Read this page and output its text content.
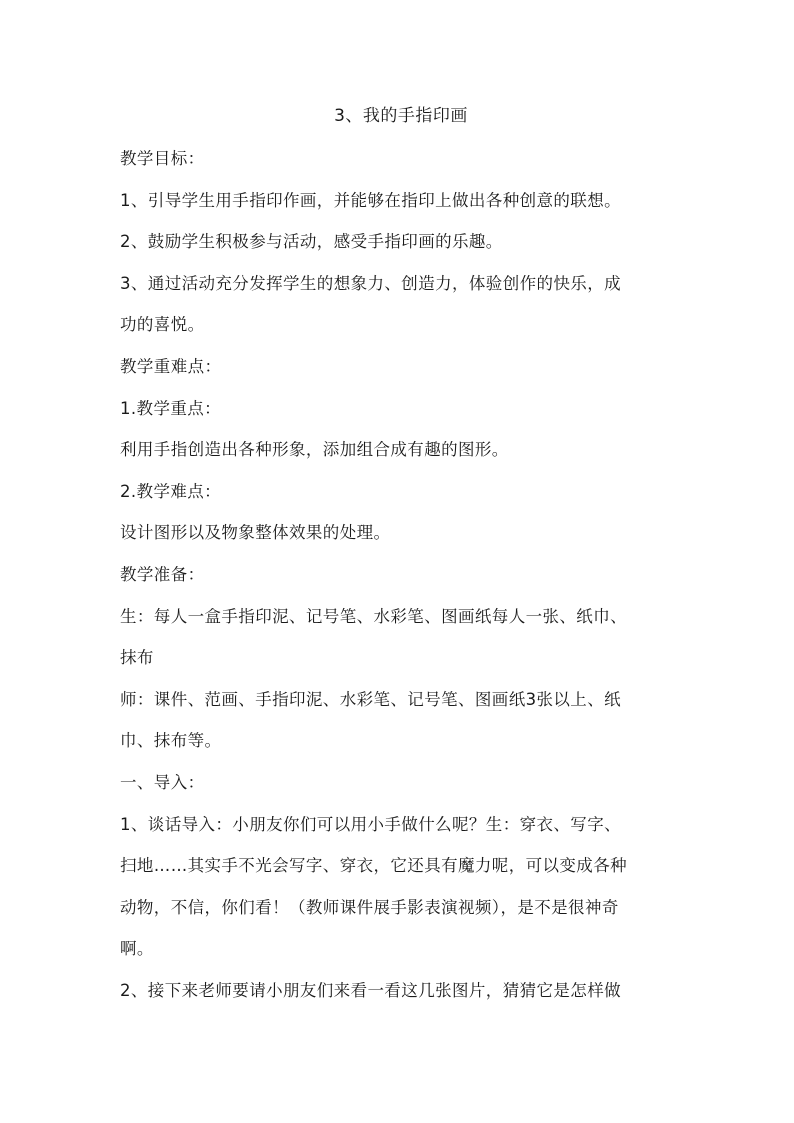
3、我的手指印画
教学目标：
1、引导学生用手指印作画，并能够在指印上做出各种创意的联想。
2、鼓励学生积极参与活动，感受手指印画的乐趣。
3、通过活动充分发挥学生的想象力、创造力，体验创作的快乐，成
功的喜悦。
教学重难点：
1.教学重点：
利用手指创造出各种形象，添加组合成有趣的图形。
2.教学难点：
设计图形以及物象整体效果的处理。
教学准备：
生：每人一盒手指印泥、记号笔、水彩笔、图画纸每人一张、纸巾、
抹布
师：课件、范画、手指印泥、水彩笔、记号笔、图画纸3张以上、纸
巾、抹布等。
一、导入：
1、谈话导入：小朋友你们可以用小手做什么呢？生：穿衣、写字、
扫地……其实手不光会写字、穿衣，它还具有魔力呢，可以变成各种
动物，不信，你们看！（教师课件展手影表演视频），是不是很神奇
啊。
2、接下来老师要请小朋友们来看一看这几张图片，猜猜它是怎样做
